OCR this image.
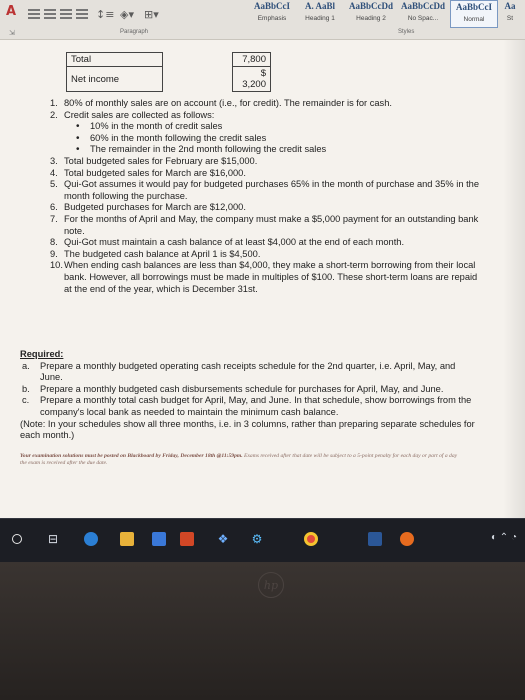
A	↕≡ ◈▾ ⊞▾
AaBbCcI
Emphasis
A. AaBl
Heading 1
AaBbCcDd
Heading 2
AaBbCcDd
No Spac...
AaBbCcI
Normal
Aa
St
⇲	Paragraph	Styles
Total		7,800
Net income		$ 3,200
1. 80% of monthly sales are on account (i.e., for credit). The remainder is for cash.
2. Credit sales are collected as follows:
• 10% in the month of credit sales
• 60% in the month following the credit sales
• The remainder in the 2nd month following the credit sales
3. Total budgeted sales for February are $15,000.
4. Total budgeted sales for March are $16,000.
5. Qui-Got assumes it would pay for budgeted purchases 65% in the month of purchase and 35% in the month following the purchase.
6. Budgeted purchases for March are $12,000.
7. For the months of April and May, the company must make a $5,000 payment for an outstanding bank note.
8. Qui-Got must maintain a cash balance of at least $4,000 at the end of each month.
9. The budgeted cash balance at April 1 is $4,500.
10. When ending cash balances are less than $4,000, they make a short-term borrowing from their local bank. However, all borrowings must be made in multiples of $100. These short-term loans are repaid at the end of the year, which is December 31st.
Required:
a. Prepare a monthly budgeted operating cash receipts schedule for the 2nd quarter, i.e. April, May, and June.
b. Prepare a monthly budgeted cash disbursements schedule for purchases for April, May, and June.
c. Prepare a monthly total cash budget for April, May, and June. In that schedule, show borrowings from the company's local bank as needed to maintain the minimum cash balance.
(Note: In your schedules show all three months, i.e. in 3 columns, rather than preparing separate schedules for each month.)
Your examination solutions must be posted on Blackboard by Friday, December 18th @11:59pm. Exams received after that date will be subject to a 5-point penalty for each day or part of a day the exam is received after the due date.
⊟	❖	⚙	◐ ⌃ ◔
hp
